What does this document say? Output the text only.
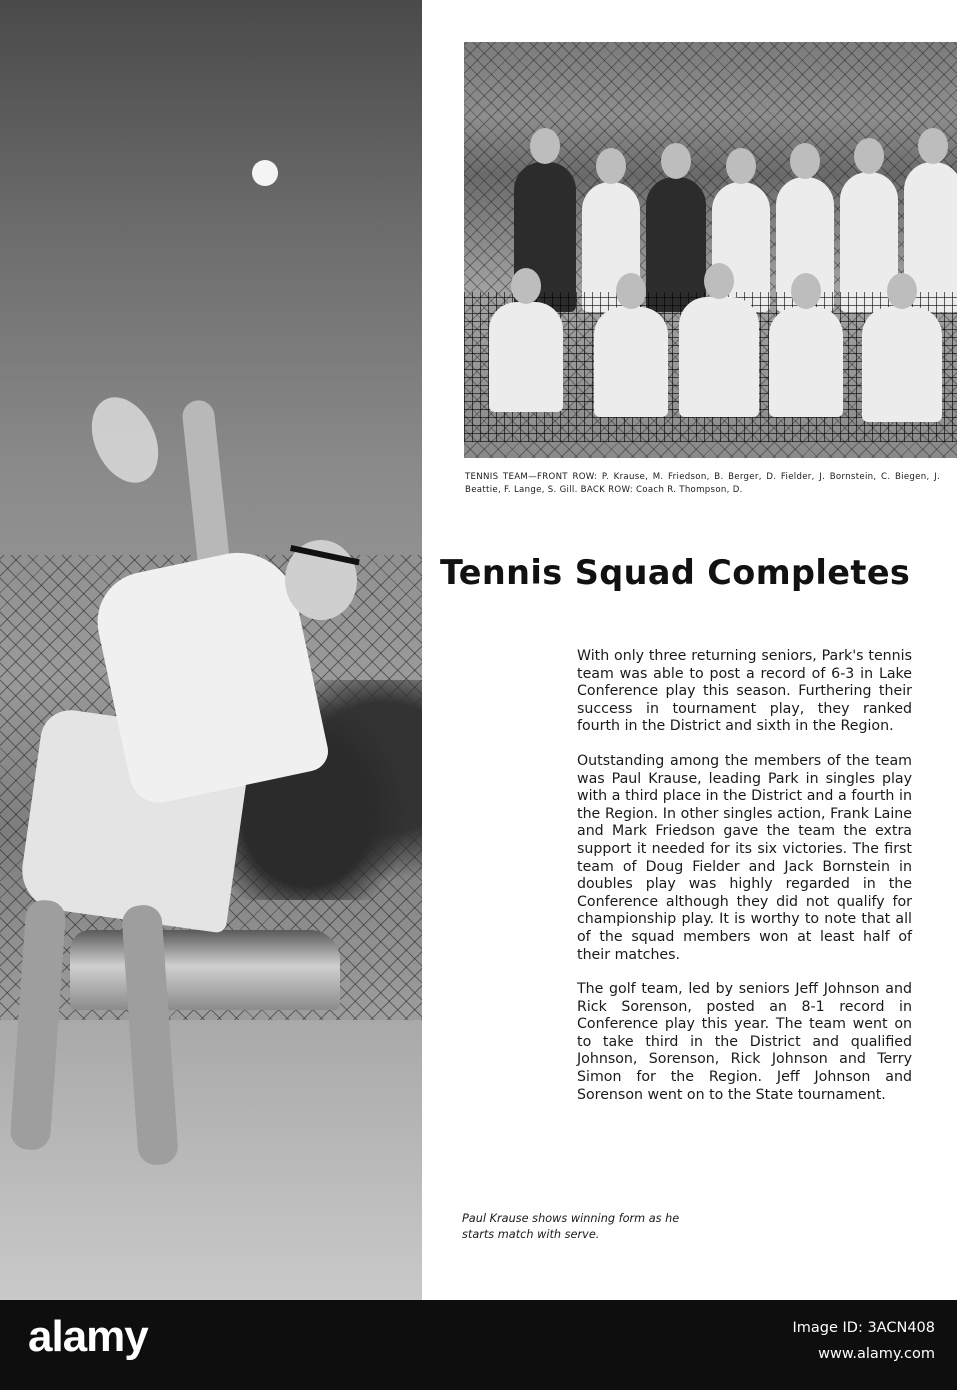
TENNIS TEAM—FRONT ROW: P. Krause, M. Friedson, B. Berger, D. Fielder, J. Bornstein, C. Biegen, J. Beattie, F. Lange, S. Gill. BACK ROW: Coach R. Thompson, D.
Tennis Squad Completes

With only three returning seniors, Park's tennis team was able to post a record of 6-3 in Lake Conference play this season. Furthering their success in tournament play, they ranked fourth in the District and sixth in the Region.

Outstanding among the members of the team was Paul Krause, leading Park in singles play with a third place in the District and a fourth in the Region. In other singles action, Frank Laine and Mark Friedson gave the team the extra support it needed for its six victories. The first team of Doug Fielder and Jack Bornstein in doubles play was highly regarded in the Conference although they did not qualify for championship play. It is worthy to note that all of the squad members won at least half of their matches.

The golf team, led by seniors Jeff Johnson and Rick Sorenson, posted an 8-1 record in Conference play this year. The team went on to take third in the District and qualified Johnson, Sorenson, Rick Johnson and Terry Simon for the Region. Jeff Johnson and Sorenson went on to the State tournament.

Paul Krause shows winning form as he starts match with serve.
alamy	Image ID: 3ACN408
www.alamy.com
